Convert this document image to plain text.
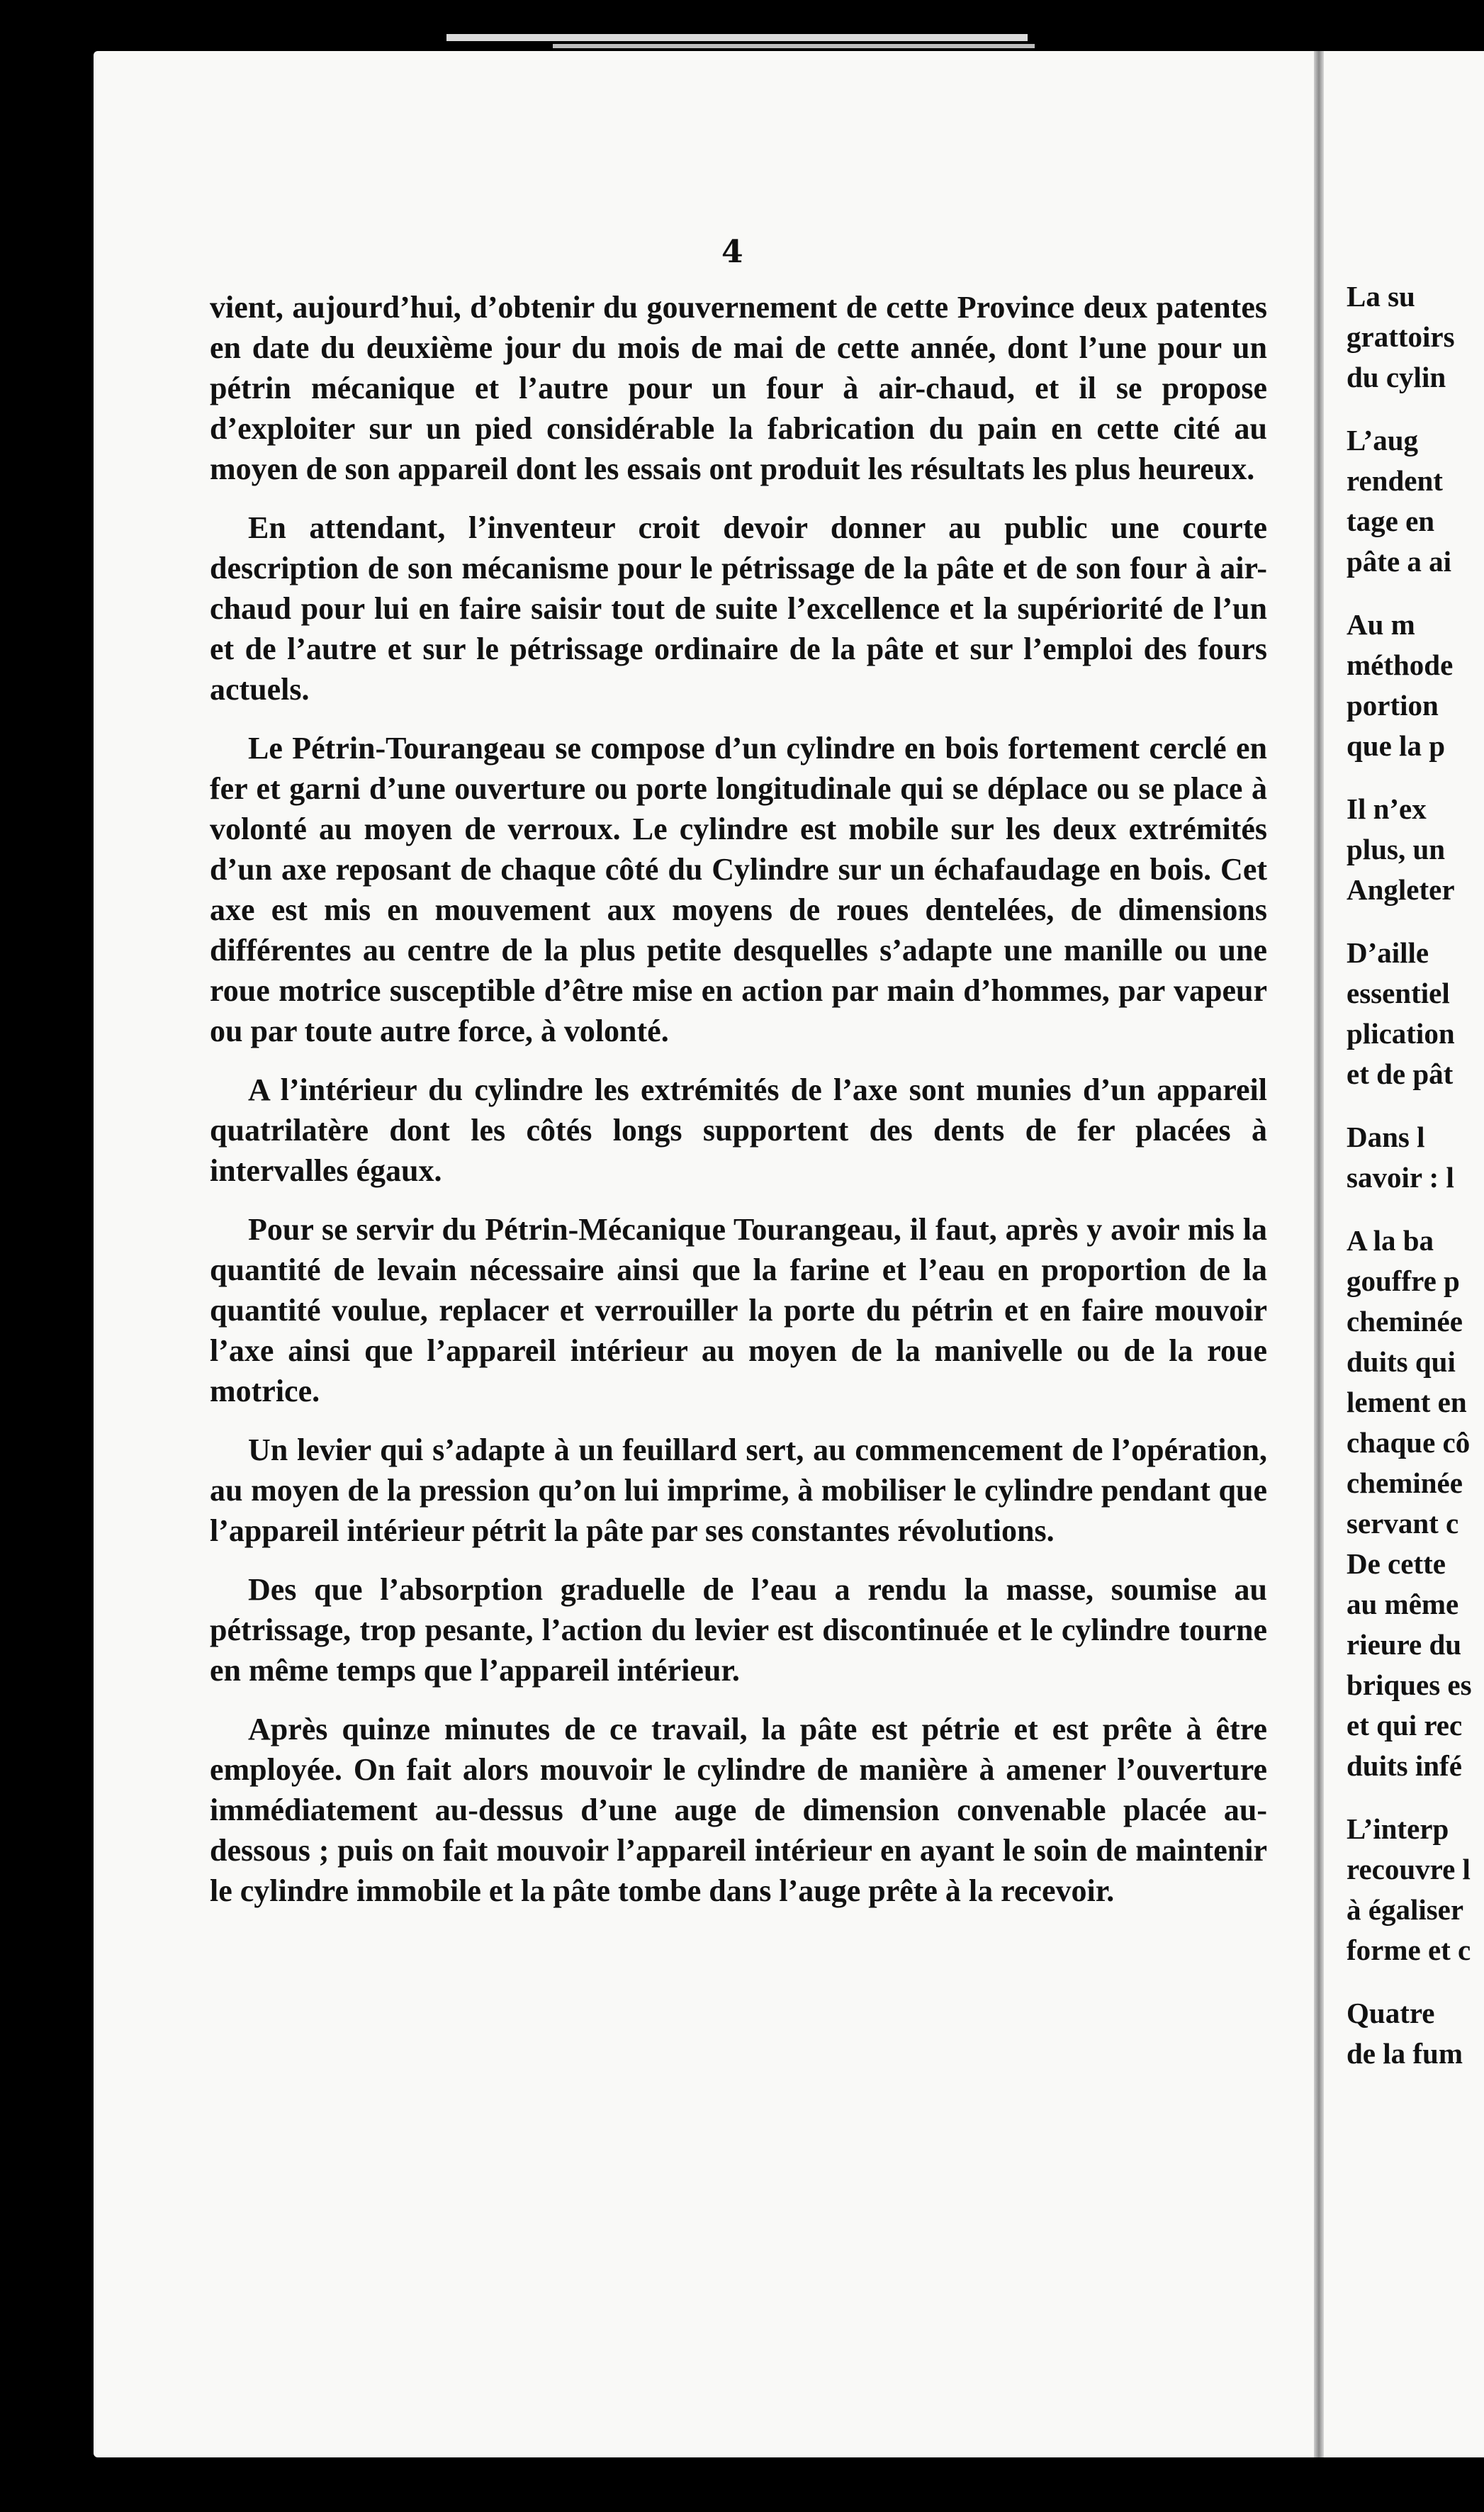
4

vient, aujourd’hui, d’obtenir du gouvernement de cette Province deux patentes en date du deuxième jour du mois de mai de cette année, dont l’une pour un pétrin mécanique et l’autre pour un four à air-chaud, et il se propose d’exploiter sur un pied considérable la fabrication du pain en cette cité au moyen de son appareil dont les essais ont produit les résultats les plus heureux.

En attendant, l’inventeur croit devoir donner au public une courte description de son mécanisme pour le pétrissage de la pâte et de son four à air-chaud pour lui en faire saisir tout de suite l’excellence et la supériorité de l’un et de l’autre et sur le pétrissage ordinaire de la pâte et sur l’emploi des fours actuels.

Le Pétrin-Tourangeau se compose d’un cylindre en bois fortement cerclé en fer et garni d’une ouverture ou porte longitudinale qui se déplace ou se place à volonté au moyen de verroux. Le cylindre est mobile sur les deux extrémités d’un axe reposant de chaque côté du Cylindre sur un échafaudage en bois. Cet axe est mis en mouvement aux moyens de roues dentelées, de dimensions différentes au centre de la plus petite desquelles s’adapte une manille ou une roue motrice susceptible d’être mise en action par main d’hommes, par vapeur ou par toute autre force, à volonté.

A l’intérieur du cylindre les extrémités de l’axe sont munies d’un appareil quatrilatère dont les côtés longs supportent des dents de fer placées à intervalles égaux.

Pour se servir du Pétrin-Mécanique Tourangeau, il faut, après y avoir mis la quantité de levain nécessaire ainsi que la farine et l’eau en proportion de la quantité voulue, replacer et verrouiller la porte du pétrin et en faire mouvoir l’axe ainsi que l’appareil intérieur au moyen de la manivelle ou de la roue motrice.

Un levier qui s’adapte à un feuillard sert, au commencement de l’opération, au moyen de la pression qu’on lui imprime, à mobiliser le cylindre pendant que l’appareil intérieur pétrit la pâte par ses constantes révolutions.

Des que l’absorption graduelle de l’eau a rendu la masse, soumise au pétrissage, trop pesante, l’action du levier est discontinuée et le cylindre tourne en même temps que l’appareil intérieur.

Après quinze minutes de ce travail, la pâte est pétrie et est prête à être employée. On fait alors mouvoir le cylindre de manière à amener l’ouverture immédiatement au-dessus d’une auge de dimension convenable placée au-dessous ; puis on fait mouvoir l’appareil intérieur en ayant le soin de maintenir le cylindre immobile et la pâte tombe dans l’auge prête à la recevoir.

La su
grattoirs
du cylin
L’aug
rendent
tage en
pâte a ai
Au m
méthode
portion
que la p
Il n’ex
plus, un
Angleter
D’aille
essentiel
plication
et de pât
Dans l
savoir : l
A la ba
gouffre p
cheminée
duits qui
lement en
chaque cô
cheminée
servant c
De cette
au même
rieure du
briques es
et qui rec
duits infé
L’interp
recouvre l
à égaliser
forme et c
Quatre
de la fum
